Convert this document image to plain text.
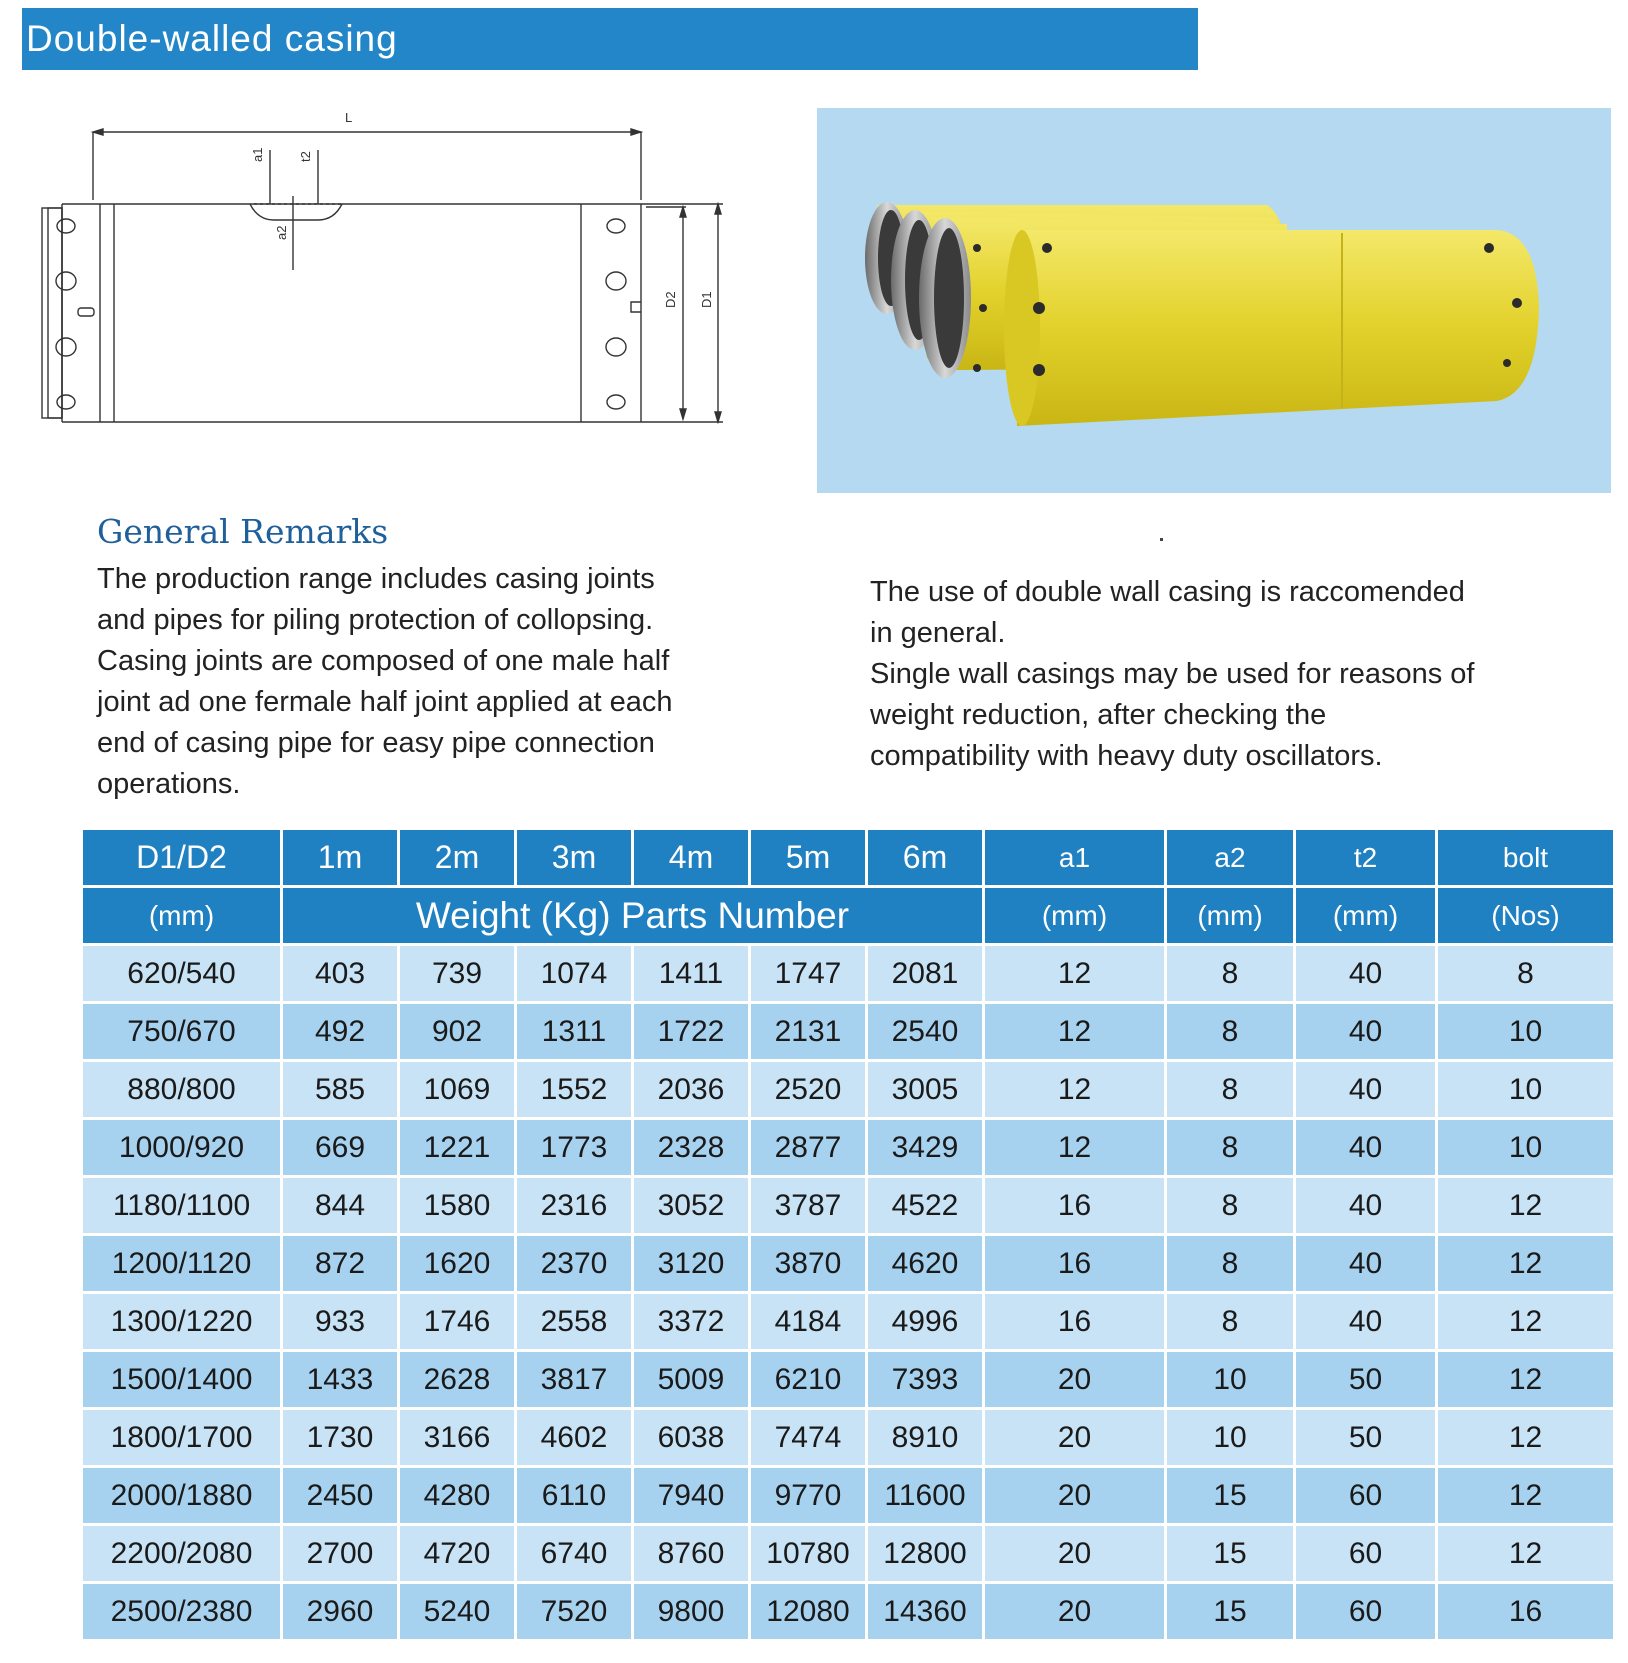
Double-walled casing
L
a1	t2
a2
D2 D1
General Remarks

The production range includes casing joints

and pipes for piling protection of collopsing.

Casing joints are composed of one male half

joint ad one fermale half joint applied at each

end of casing pipe for easy pipe connection

operations.

The use of double wall casing is raccomended

in general.

Single wall casings may be used for reasons of

weight reduction, after checking the

compatibility with heavy duty oscillators.

D1/D2	1m	2m	3m	4m	5m	6m	a1	a2	t2	bolt
(mm)	Weight (Kg) Parts Number						(mm)	(mm)	(mm)	(Nos)
620/540	403	739	1074	1411	1747	2081	12	8	40	8
750/670	492	902	1311	1722	2131	2540	12	8	40	10
880/800	585	1069	1552	2036	2520	3005	12	8	40	10
1000/920	669	1221	1773	2328	2877	3429	12	8	40	10
1180/1100	844	1580	2316	3052	3787	4522	16	8	40	12
1200/1120	872	1620	2370	3120	3870	4620	16	8	40	12
1300/1220	933	1746	2558	3372	4184	4996	16	8	40	12
1500/1400	1433	2628	3817	5009	6210	7393	20	10	50	12
1800/1700	1730	3166	4602	6038	7474	8910	20	10	50	12
2000/1880	2450	4280	6110	7940	9770	11600	20	15	60	12
2200/2080	2700	4720	6740	8760	10780	12800	20	15	60	12
2500/2380	2960	5240	7520	9800	12080	14360	20	15	60	16
